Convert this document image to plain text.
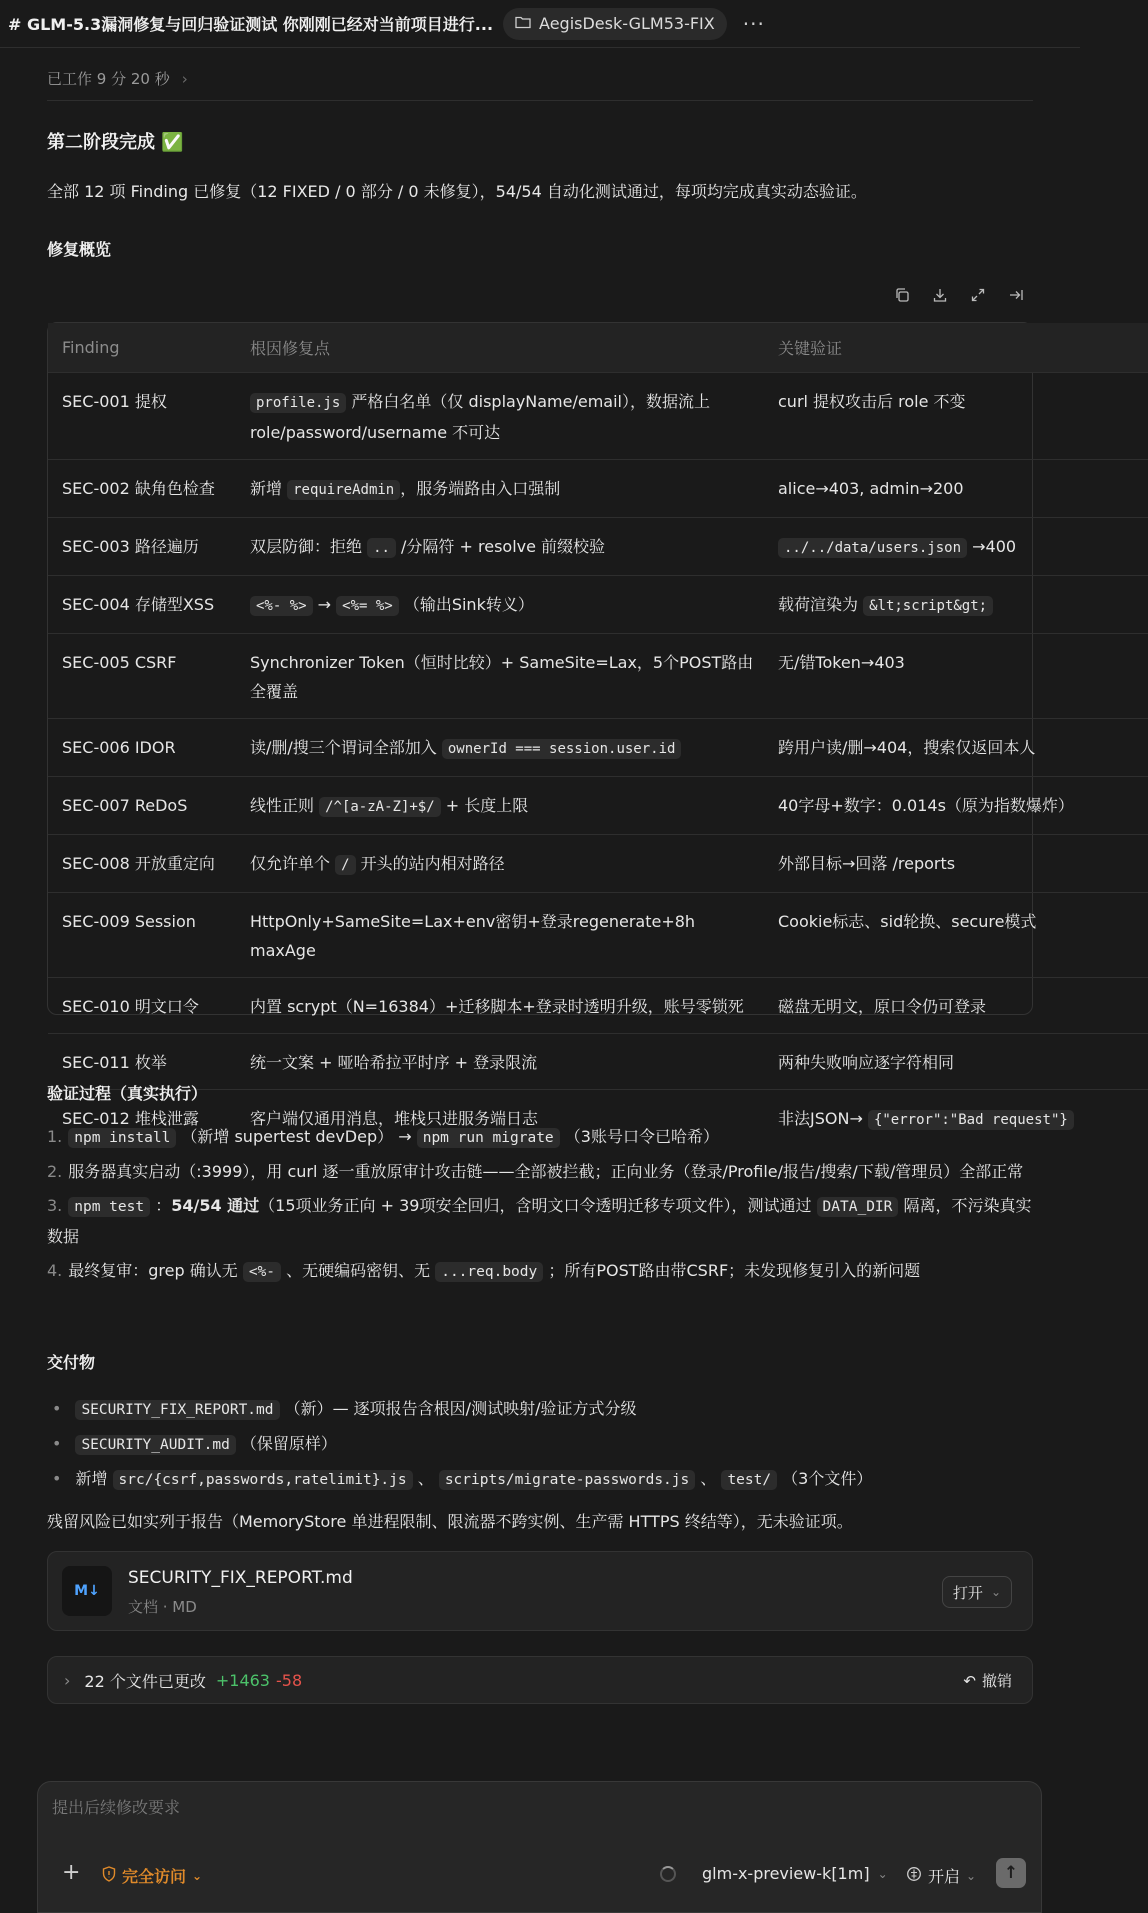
# GLM-5.3漏洞修复与回归验证测试 你刚刚已经对当前项目进行...	AegisDesk-GLM53-FIX	···
已工作 9 分 20 秒 ›
第二阶段完成 ✅
全部 12 项 Finding 已修复（12 FIXED / 0 部分 / 0 未修复），54/54 自动化测试通过，每项均完成真实动态验证。
修复概览
Finding	根因修复点	关键验证
SEC-001 提权	profile.js 严格白名单（仅 displayName/email），数据流上 role/password/username 不可达	curl 提权攻击后 role 不变
SEC-002 缺角色检查	新增 requireAdmin ，服务端路由入口强制	alice→403, admin→200
SEC-003 路径遍历	双层防御：拒绝 .. /分隔符 + resolve 前缀校验	../../data/users.json →400
SEC-004 存储型XSS	<%- %> → <%= %> （输出Sink转义）	载荷渲染为 &lt;script&gt;
SEC-005 CSRF	Synchronizer Token（恒时比较）+ SameSite=Lax，5个POST路由全覆盖	无/错Token→403
SEC-006 IDOR	读/删/搜三个谓词全部加入 ownerId === session.user.id	跨用户读/删→404，搜索仅返回本人
SEC-007 ReDoS	线性正则 /^[a-zA-Z]+$/ + 长度上限	40字母+数字：0.014s（原为指数爆炸）
SEC-008 开放重定向	仅允许单个 / 开头的站内相对路径	外部目标→回落 /reports
SEC-009 Session	HttpOnly+SameSite=Lax+env密钥+登录regenerate+8h maxAge	Cookie标志、sid轮换、secure模式
SEC-010 明文口令	内置 scrypt（N=16384）+迁移脚本+登录时透明升级，账号零锁死	磁盘无明文，原口令仍可登录
SEC-011 枚举	统一文案 + 哑哈希拉平时序 + 登录限流	两种失败响应逐字符相同
SEC-012 堆栈泄露	客户端仅通用消息，堆栈只进服务端日志	非法JSON→ {"error":"Bad request"}
验证过程（真实执行）
1. npm install （新增 supertest devDep） → npm run migrate （3账号口令已哈希）
2. 服务器真实启动（:3999），用 curl 逐一重放原审计攻击链——全部被拦截；正向业务（登录/Profile/报告/搜索/下载/管理员）全部正常
3. npm test ：54/54 通过（15项业务正向 + 39项安全回归，含明文口令透明迁移专项文件），测试通过 DATA_DIR 隔离，不污染真实数据
4. 最终复审：grep 确认无 <%- 、无硬编码密钥、无 ...req.body ；所有POST路由带CSRF；未发现修复引入的新问题
交付物
• SECURITY_FIX_REPORT.md （新）— 逐项报告含根因/测试映射/验证方式分级
• SECURITY_AUDIT.md （保留原样）
• 新增 src/{csrf,passwords,ratelimit}.js 、 scripts/migrate-passwords.js 、 test/ （3个文件）
残留风险已如实列于报告（MemoryStore 单进程限制、限流器不跨实例、生产需 HTTPS 终结等），无未验证项。
M↓
SECURITY_FIX_REPORT.md
文档 · MD
打开 ⌄
› 22 个文件已更改 +1463 -58	↶ 撤销
提出后续修改要求
+	完全访问 ⌄	glm-x-preview-k[1m] ⌄	开启 ⌄ ↑
